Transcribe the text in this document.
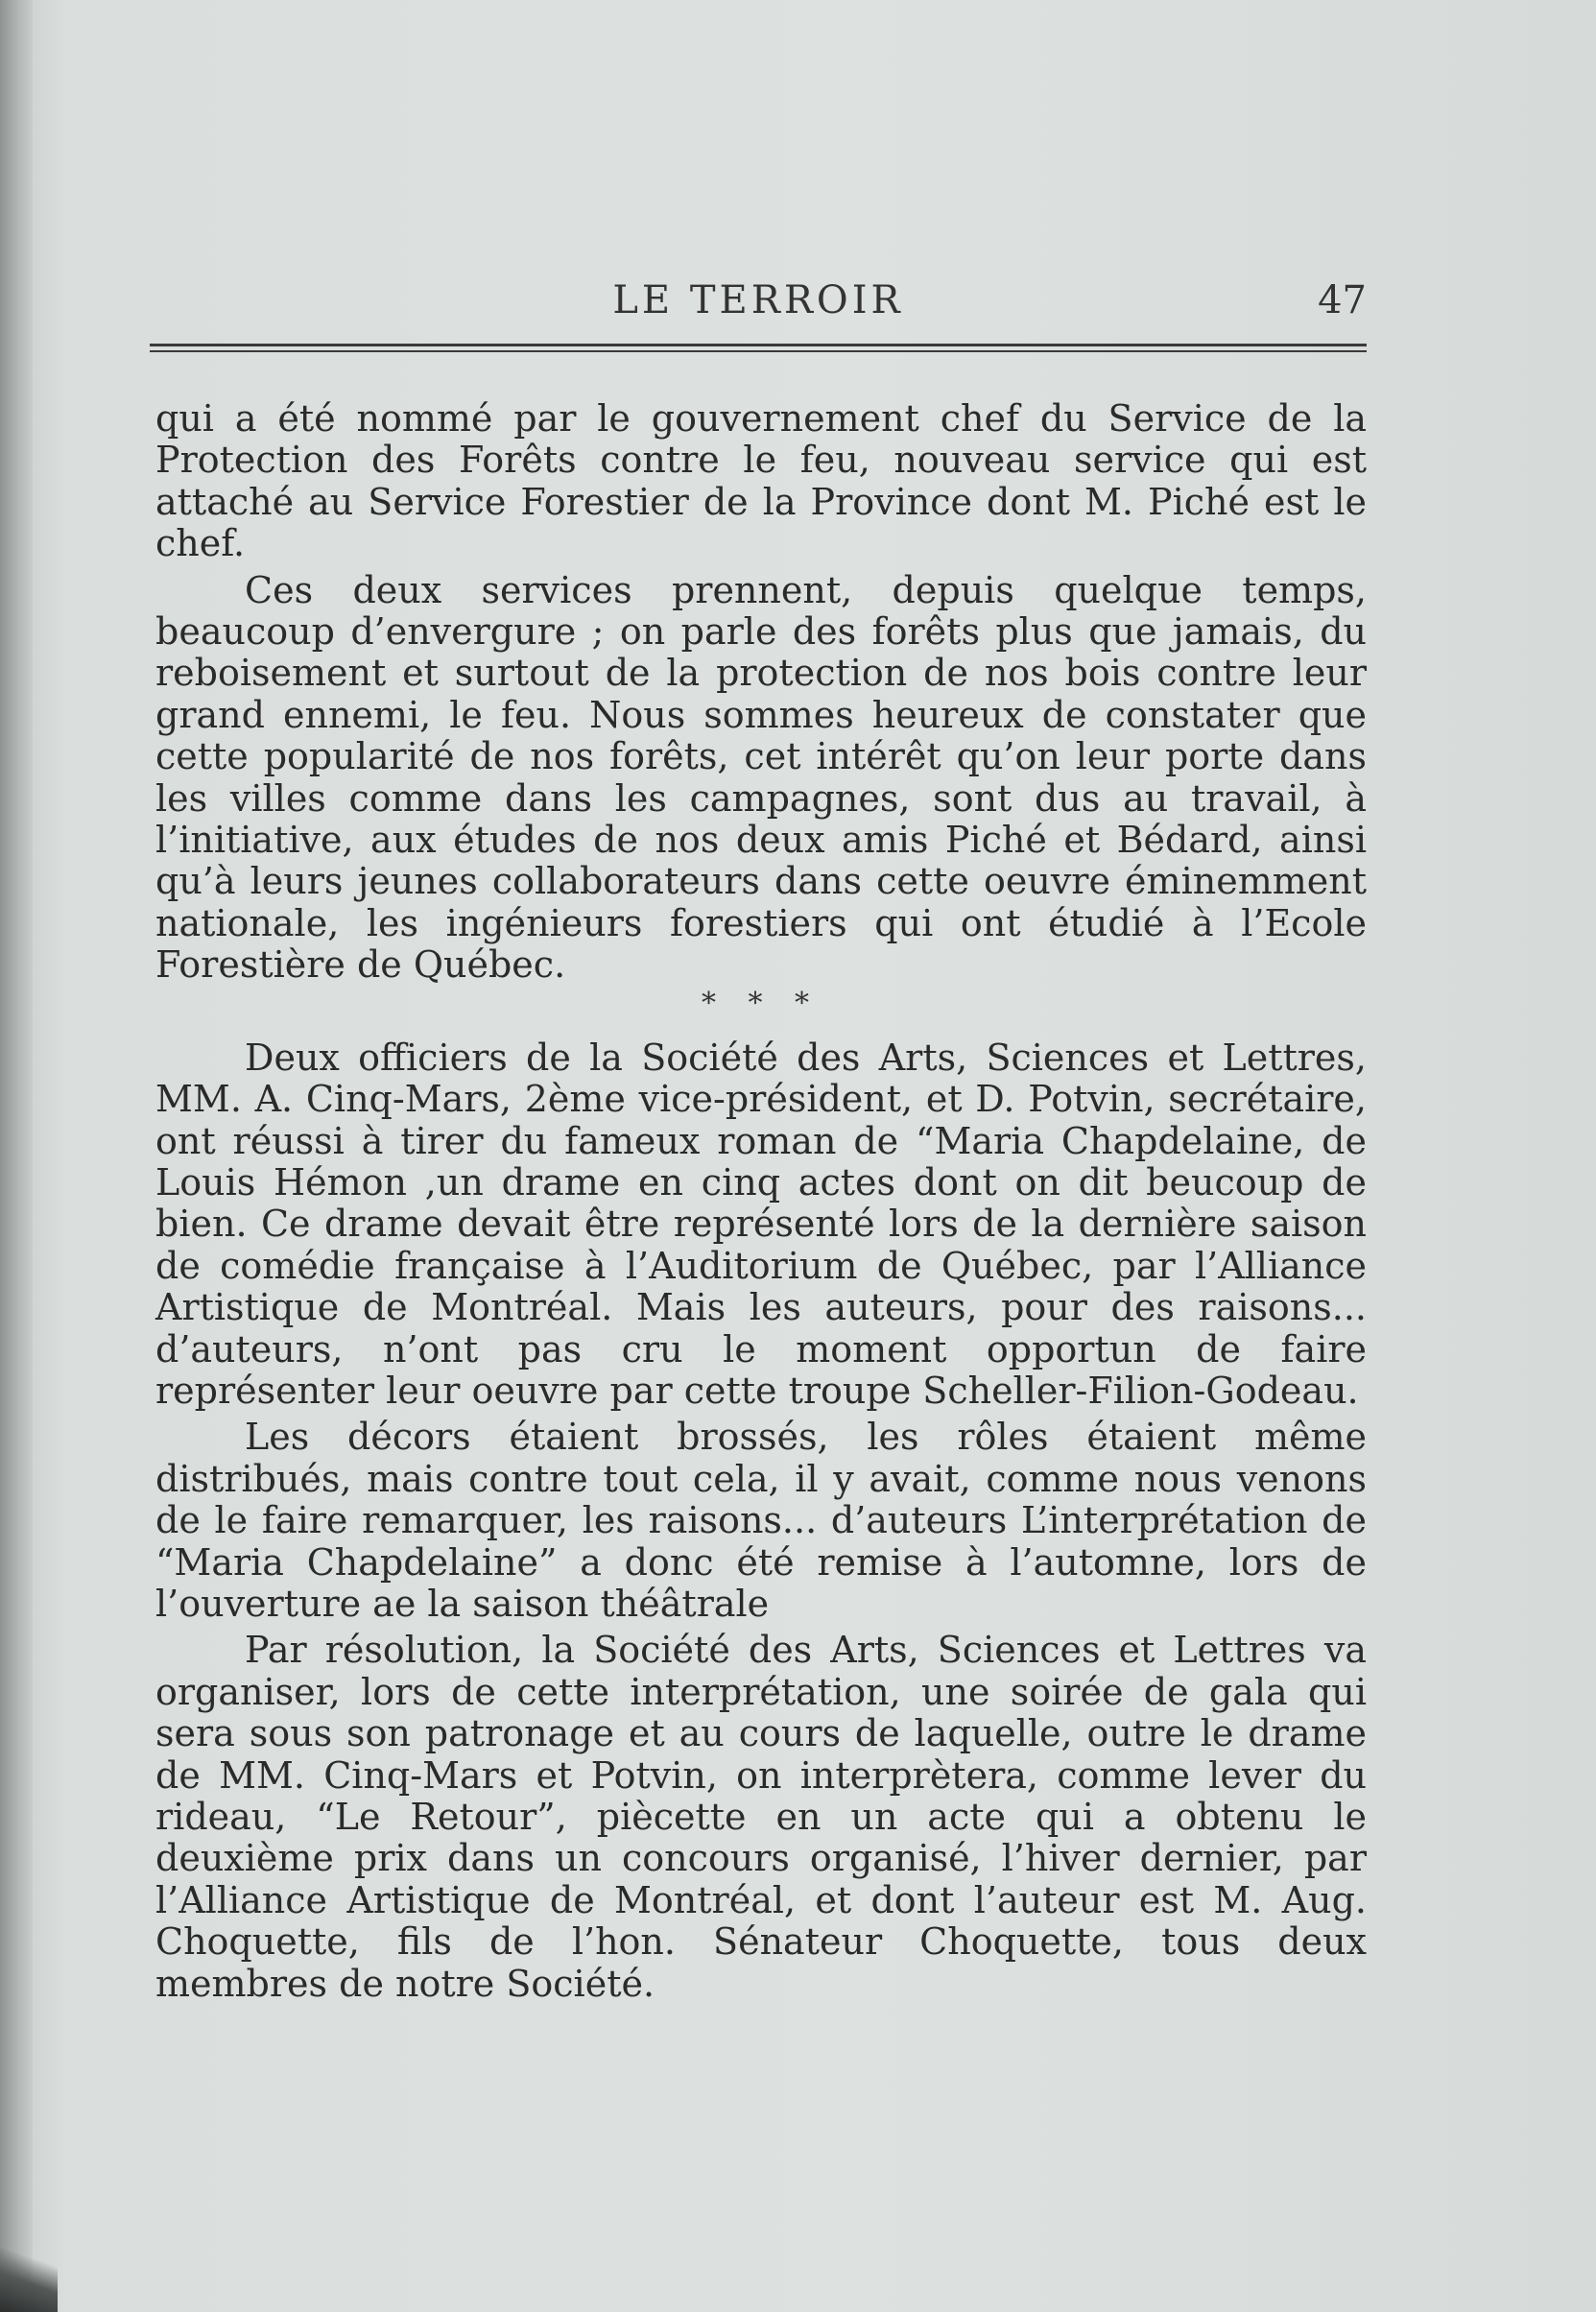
LE TERROIR	47

qui a été nommé par le gouvernement chef du Service de la Protection des Forêts contre le feu, nouveau service qui est attaché au Service Forestier de la Province dont M. Piché est le chef.

Ces deux services prennent, depuis quelque temps, beaucoup d’envergure ; on parle des forêts plus que jamais, du reboisement et surtout de la protection de nos bois contre leur grand ennemi, le feu. Nous sommes heureux de constater que cette popularité de nos forêts, cet intérêt qu’on leur porte dans les villes comme dans les campagnes, sont dus au travail, à l’initiative, aux études de nos deux amis Piché et Bédard, ainsi qu’à leurs jeunes collaborateurs dans cette oeuvre éminemment nationale, les ingénieurs forestiers qui ont étudié à l’Ecole Forestière de Québec.

* * *

Deux officiers de la Société des Arts, Sciences et Lettres, MM. A. Cinq-Mars, 2ème vice-président, et D. Potvin, secrétaire, ont réussi à tirer du fameux roman de “Maria Chapdelaine, de Louis Hémon ,un drame en cinq actes dont on dit beucoup de bien. Ce drame devait être représenté lors de la dernière saison de comédie française à l’Auditorium de Québec, par l’Alliance Artistique de Montréal. Mais les auteurs, pour des raisons... d’auteurs, n’ont pas cru le moment opportun de faire représenter leur oeuvre par cette troupe Scheller-Filion-Godeau.

Les décors étaient brossés, les rôles étaient même distribués, mais contre tout cela, il y avait, comme nous venons de le faire remarquer, les raisons... d’auteurs L’interprétation de “Maria Chapdelaine” a donc été remise à l’automne, lors de l’ouverture ae la saison théâtrale

Par résolution, la Société des Arts, Sciences et Lettres va organiser, lors de cette interprétation, une soirée de gala qui sera sous son patronage et au cours de laquelle, outre le drame de MM. Cinq-Mars et Potvin, on interprètera, comme lever du rideau, “Le Retour”, piècette en un acte qui a obtenu le deuxième prix dans un concours organisé, l’hiver dernier, par l’Alliance Artistique de Montréal, et dont l’auteur est M. Aug. Choquette, fils de l’hon. Sénateur Choquette, tous deux membres de notre Société.
